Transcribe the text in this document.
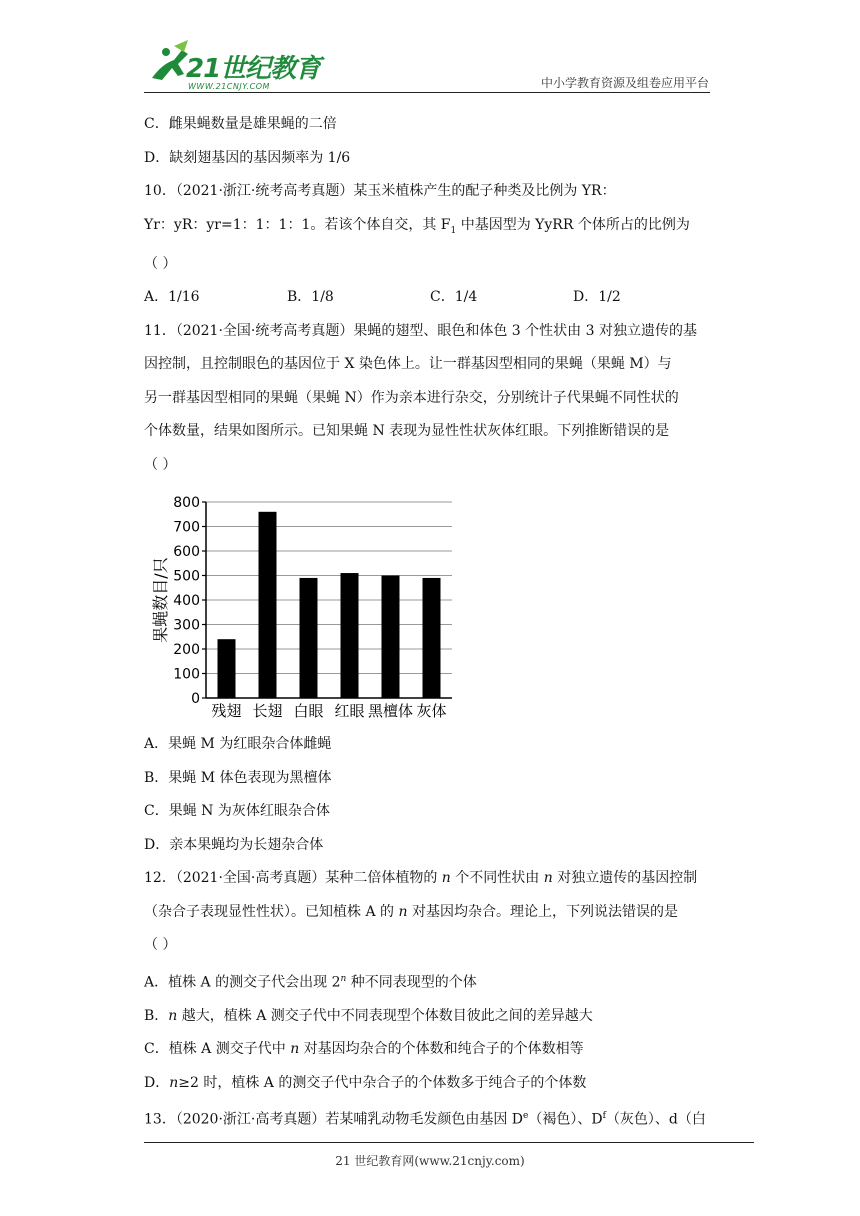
21世纪教育
WWW.21CNJY.COM	中小学教育资源及组卷应用平台

C．雌果蝇数量是雄果蝇的二倍

D．缺刻翅基因的基因频率为 1/6

10．（2021·浙江·统考高考真题）某玉米植株产生的配子种类及比例为 YR：

Yr：yR：yr=1：1：1：1。若该个体自交，其 $F_1$ 中基因型为 YyRR 个体所占的比例为

（ ）

A．1/16	B．1/8	C．1/4	D．1/2

11．（2021·全国·统考高考真题）果蝇的翅型、眼色和体色 3 个性状由 3 对独立遗传的基

因控制，且控制眼色的基因位于 X 染色体上。让一群基因型相同的果蝇（果蝇 M）与

另一群基因型相同的果蝇（果蝇 N）作为亲本进行杂交，分别统计子代果蝇不同性状的

个体数量，结果如图所示。已知果蝇 N 表现为显性性状灰体红眼。下列推断错误的是

（ ）

0
100
200
300
400
500
600
700
800
残翅 长翅 白眼 红眼 黑檀体 灰体
果蝇数目/只

A．果蝇 M 为红眼杂合体雌蝇

B．果蝇 M 体色表现为黑檀体

C．果蝇 N 为灰体红眼杂合体

D．亲本果蝇均为长翅杂合体

12．（2021·全国·高考真题）某种二倍体植物的 n 个不同性状由 n 对独立遗传的基因控制

（杂合子表现显性性状）。已知植株 A 的 n 对基因均杂合。理论上，下列说法错误的是

（ ）

A．植株 A 的测交子代会出现 2$^n$ 种不同表现型的个体

B．n 越大，植株 A 测交子代中不同表现型个体数目彼此之间的差异越大

C．植株 A 测交子代中 n 对基因均杂合的个体数和纯合子的个体数相等

D．n≥2 时，植株 A 的测交子代中杂合子的个体数多于纯合子的个体数

13．（2020·浙江·高考真题）若某哺乳动物毛发颜色由基因 De（褐色）、$D^f$（灰色）、d（白

21 世纪教育网(www.21cnjy.com)
